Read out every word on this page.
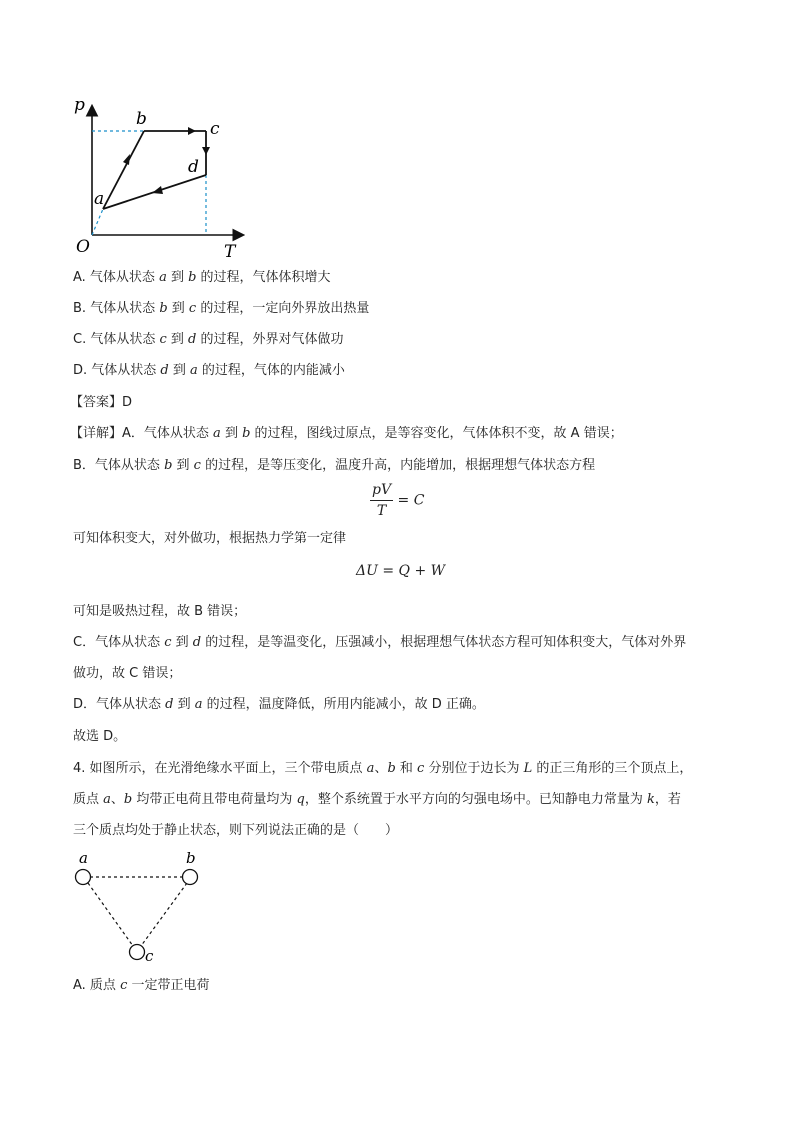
p
T
O
a
b	c
d
A. 气体从状态 a 到 b 的过程，气体体积增大
B. 气体从状态 b 到 c 的过程，一定向外界放出热量
C. 气体从状态 c 到 d 的过程，外界对气体做功
D. 气体从状态 d 到 a 的过程，气体的内能减小
【答案】D
【详解】A．气体从状态 a 到 b 的过程，图线过原点，是等容变化，气体体积不变，故 A 错误；
B．气体从状态 b 到 c 的过程，是等压变化，温度升高，内能增加，根据理想气体状态方程
$\frac{pV}{T} = C$
可知体积变大，对外做功，根据热力学第一定律
ΔU = Q + W
可知是吸热过程，故 B 错误；
C．气体从状态 c 到 d 的过程，是等温变化，压强减小，根据理想气体状态方程可知体积变大，气体对外界
做功，故 C 错误；
D．气体从状态 d 到 a 的过程，温度降低，所用内能减小，故 D 正确。
故选 D。
4. 如图所示，在光滑绝缘水平面上，三个带电质点 a、b 和 c 分别位于边长为 L 的正三角形的三个顶点上，
质点 a、b 均带正电荷且带电荷量均为 q，整个系统置于水平方向的匀强电场中。已知静电力常量为 k，若
三个质点均处于静止状态，则下列说法正确的是（　　）
a	b
c
A. 质点 c 一定带正电荷
